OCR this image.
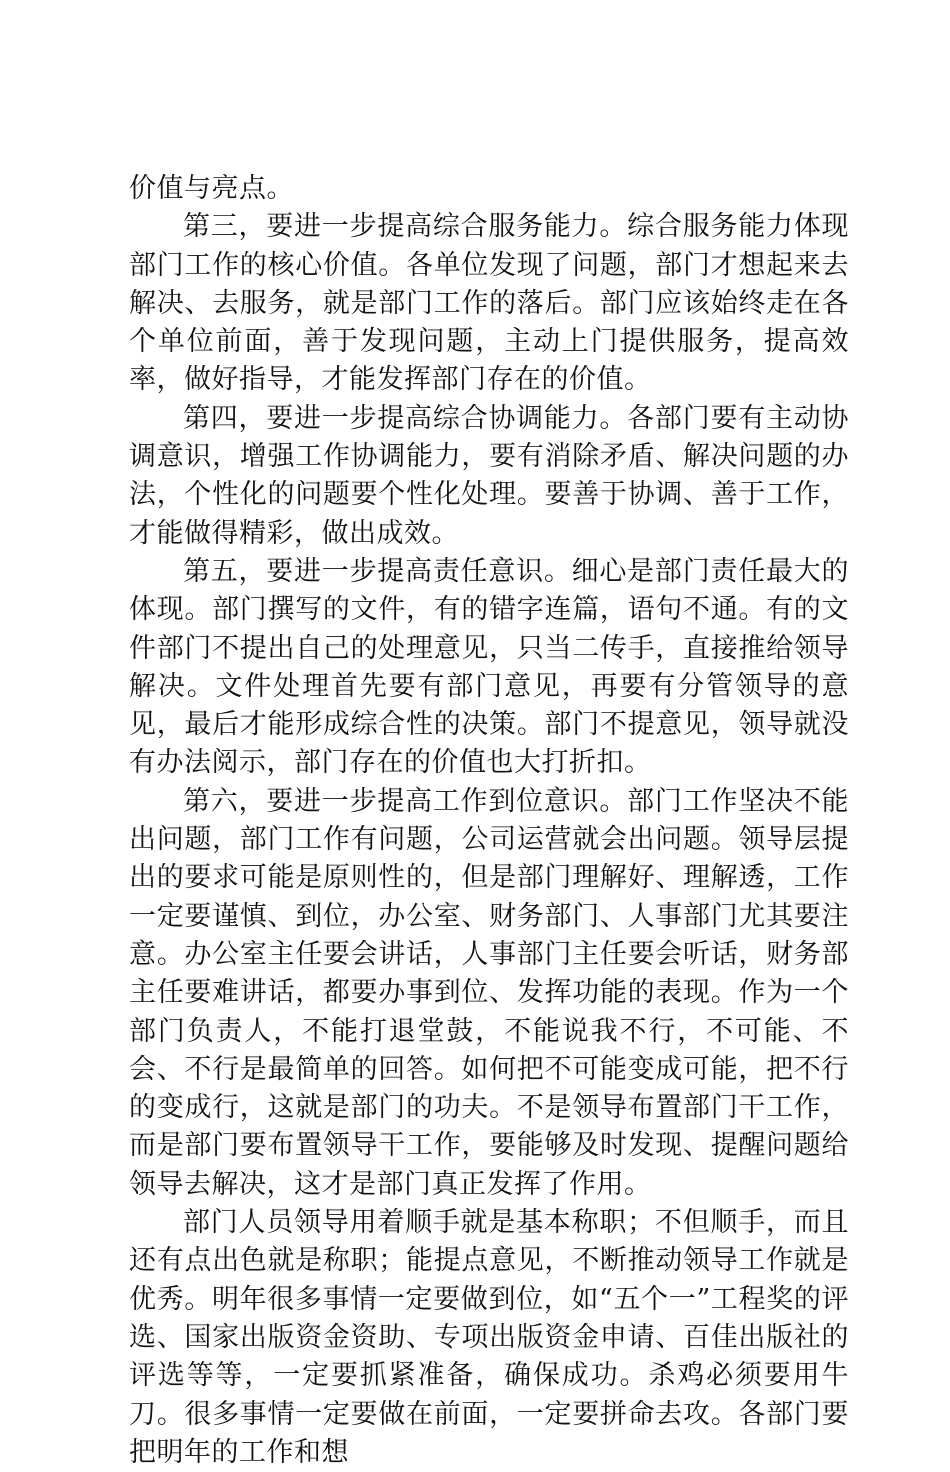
价值与亮点。

第三，要进一步提高综合服务能力。综合服务能力体现部门工作的核心价值。各单位发现了问题，部门才想起来去解决、去服务，就是部门工作的落后。部门应该始终走在各个单位前面，善于发现问题，主动上门提供服务，提高效率，做好指导，才能发挥部门存在的价值。

第四，要进一步提高综合协调能力。各部门要有主动协调意识，增强工作协调能力，要有消除矛盾、解决问题的办法，个性化的问题要个性化处理。要善于协调、善于工作，才能做得精彩，做出成效。

第五，要进一步提高责任意识。细心是部门责任最大的体现。部门撰写的文件，有的错字连篇，语句不通。有的文件部门不提出自己的处理意见，只当二传手，直接推给领导解决。文件处理首先要有部门意见，再要有分管领导的意见，最后才能形成综合性的决策。部门不提意见，领导就没有办法阅示，部门存在的价值也大打折扣。

第六，要进一步提高工作到位意识。部门工作坚决不能出问题，部门工作有问题，公司运营就会出问题。领导层提出的要求可能是原则性的，但是部门理解好、理解透，工作一定要谨慎、到位，办公室、财务部门、人事部门尤其要注意。办公室主任要会讲话，人事部门主任要会听话，财务部主任要难讲话，都要办事到位、发挥功能的表现。作为一个部门负责人，不能打退堂鼓，不能说我不行，不可能、不会、不行是最简单的回答。如何把不可能变成可能，把不行的变成行，这就是部门的功夫。不是领导布置部门干工作，而是部门要布置领导干工作，要能够及时发现、提醒问题给领导去解决，这才是部门真正发挥了作用。

部门人员领导用着顺手就是基本称职；不但顺手，而且还有点出色就是称职；能提点意见，不断推动领导工作就是优秀。明年很多事情一定要做到位，如“五个一”工程奖的评选、国家出版资金资助、专项出版资金申请、百佳出版社的评选等等，一定要抓紧准备，确保成功。杀鸡必须要用牛刀。很多事情一定要做在前面，一定要拼命去攻。各部门要把明年的工作和想
